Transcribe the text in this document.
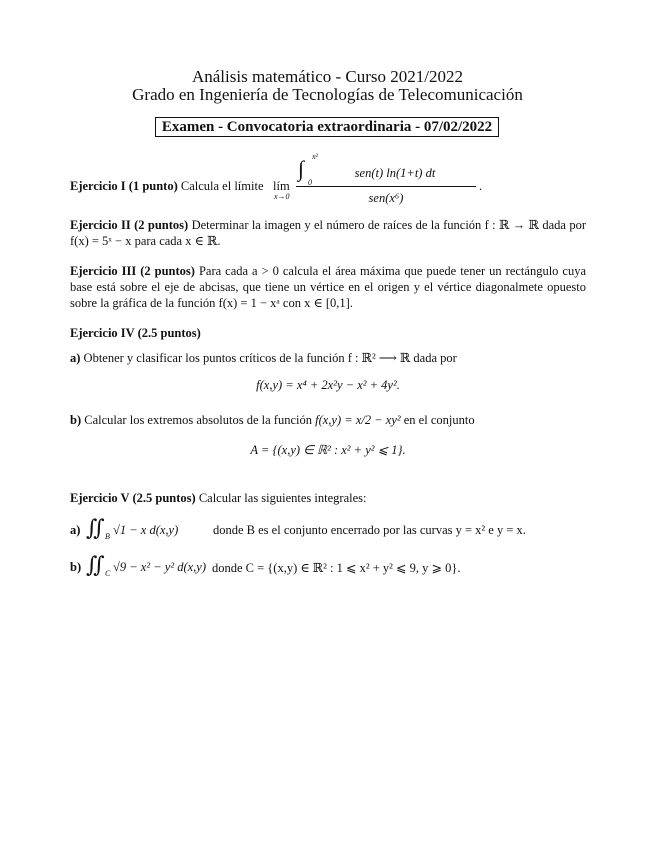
Análisis matemático - Curso 2021/2022
Grado en Ingeniería de Tecnologías de Telecomunicación
Examen - Convocatoria extraordinaria - 07/02/2022
Ejercicio I (1 punto) Calcula el límite lím
x→0
∫ x²
0
sen(t) ln(1+t) dt
sen(x⁶)
.
Ejercicio II (2 puntos) Determinar la imagen y el número de raíces de la función f : ℝ → ℝ dada por f(x) = 5ˣ − x para cada x ∈ ℝ.
Ejercicio III (2 puntos) Para cada a > 0 calcula el área máxima que puede tener un rectángulo cuya base está sobre el eje de abcisas, que tiene un vértice en el origen y el vértice diagonalmete opuesto sobre la gráfica de la función f(x) = 1 − xᵃ con x ∈ [0,1].
Ejercicio IV (2.5 puntos)
a) Obtener y clasificar los puntos críticos de la función f : ℝ² ⟶ ℝ dada por
f(x,y) = x⁴ + 2x²y − x² + 4y².
b) Calcular los extremos absolutos de la función f(x,y) = x/2 − xy² en el conjunto
A = {(x,y) ∈ ℝ² : x² + y² ⩽ 1}.
Ejercicio V (2.5 puntos) Calcular las siguientes integrales:
a) ∬ B √1 − x d(x,y)	donde B es el conjunto encerrado por las curvas y = x² e y = x.
b) ∬ C √9 − x² − y² d(x,y) donde C = {(x,y) ∈ ℝ² : 1 ⩽ x² + y² ⩽ 9, y ⩾ 0}.
